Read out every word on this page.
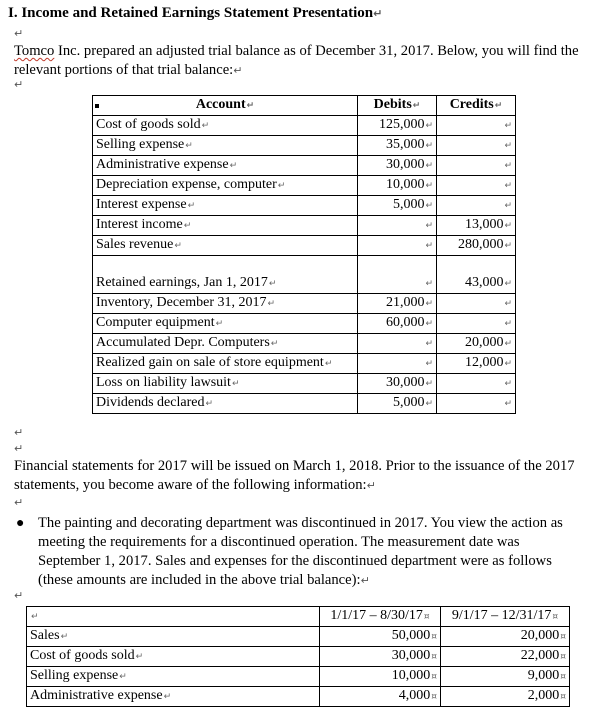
I. Income and Retained Earnings Statement Presentation↵
↵
Tomco Inc. prepared an adjusted trial balance as of December 31, 2017. Below, you will find the relevant portions of that trial balance:↵
↵
Account↵	Debits↵	Credits↵
Cost of goods sold↵	125,000↵	↵
Selling expense↵	35,000↵	↵
Administrative expense↵	30,000↵	↵
Depreciation expense, computer↵	10,000↵	↵
Interest expense↵	5,000↵	↵
Interest income↵	↵	13,000↵
Sales revenue↵	↵	280,000↵
Retained earnings, Jan 1, 2017↵	↵	43,000↵
Inventory, December 31, 2017↵	21,000↵	↵
Computer equipment↵	60,000↵	↵
Accumulated Depr. Computers↵	↵	20,000↵
Realized gain on sale of store equipment↵	↵	12,000↵
Loss on liability lawsuit↵	30,000↵	↵
Dividends declared↵	5,000↵	↵
↵
↵
Financial statements for 2017 will be issued on March 1, 2018. Prior to the issuance of the 2017 statements, you become aware of the following information:↵
↵
● The painting and decorating department was discontinued in 2017. You view the action as meeting the requirements for a discontinued operation. The measurement date was September 1, 2017. Sales and expenses for the discontinued department were as follows (these amounts are included in the above trial balance):↵
↵
↵	1/1/17 – 8/30/17¤	9/1/17 – 12/31/17¤
Sales↵	50,000¤	20,000¤
Cost of goods sold↵	30,000¤	22,000¤
Selling expense↵	10,000¤	9,000¤
Administrative expense↵	4,000¤	2,000¤
